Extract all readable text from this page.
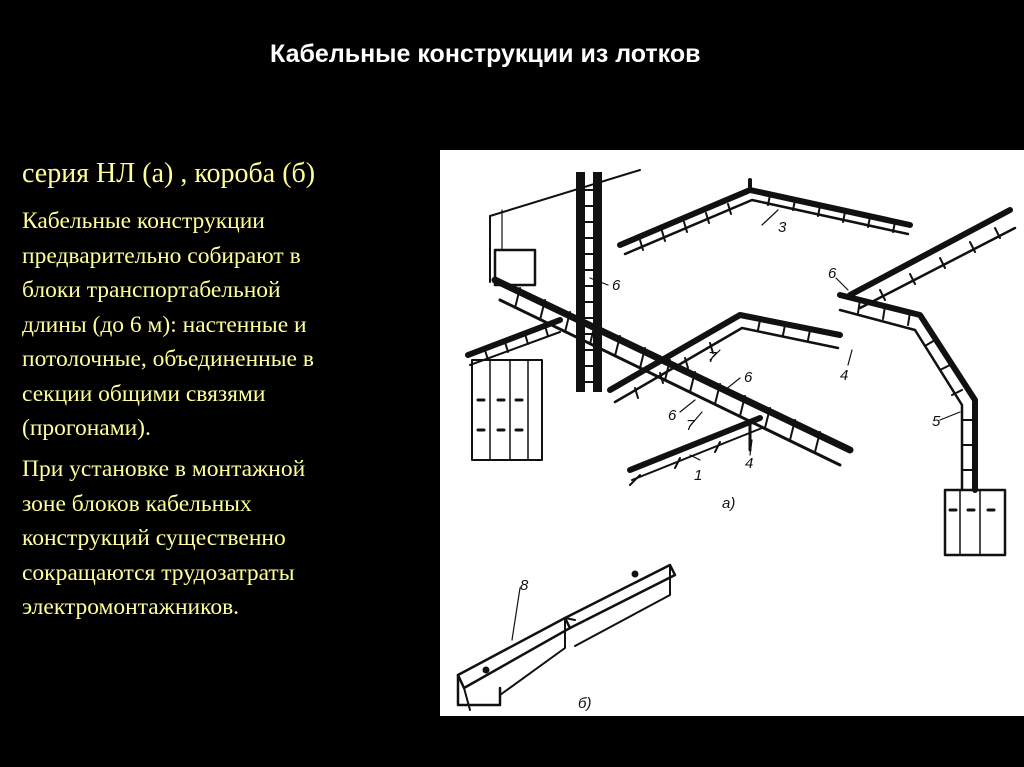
Кабельные конструкции из лотков
серия НЛ (а) , короба (б)
Кабельные конструкции
предварительно собирают в
блоки транспортабельной
длины (до 6 м): настенные и
потолочные, объединенные в
секции общими связями
(прогонами).
При установке в монтажной
зоне блоков кабельных
конструкций существенно
сокращаются трудозатраты
электромонтажников.
3
6
6
6
6
7
7
4
4
5
1
а)
8
б)
